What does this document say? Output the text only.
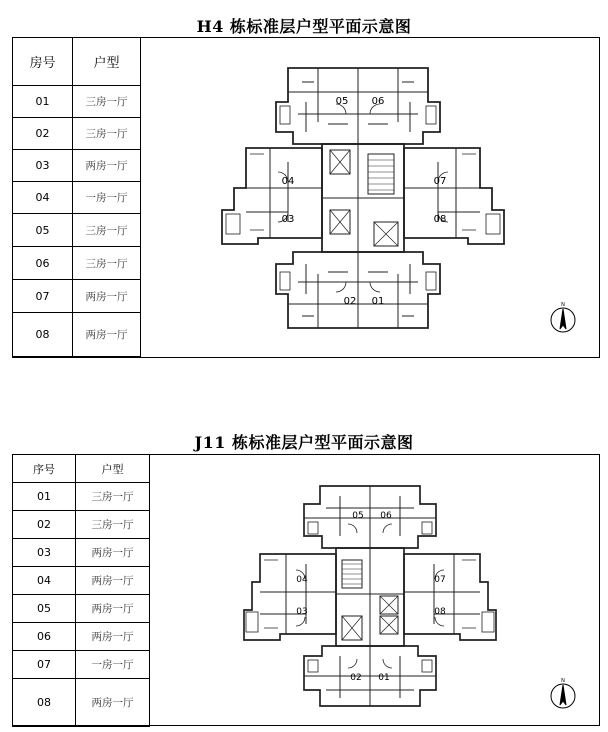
H4 栋标准层户型平面示意图
房号	户型
01	三房一厅
02	三房一厅
03	两房一厅
04	一房一厅
05	三房一厅
06	三房一厅
07	两房一厅
08	两房一厅
05 06
04	07
03	08
02 01	N
J11 栋标准层户型平面示意图
序号	户型
01	三房一厅
02	三房一厅
03	两房一厅
04	两房一厅
05	两房一厅
06	两房一厅
07	一房一厅
08	两房一厅
05 06
04	07
03	08
02 01	N
